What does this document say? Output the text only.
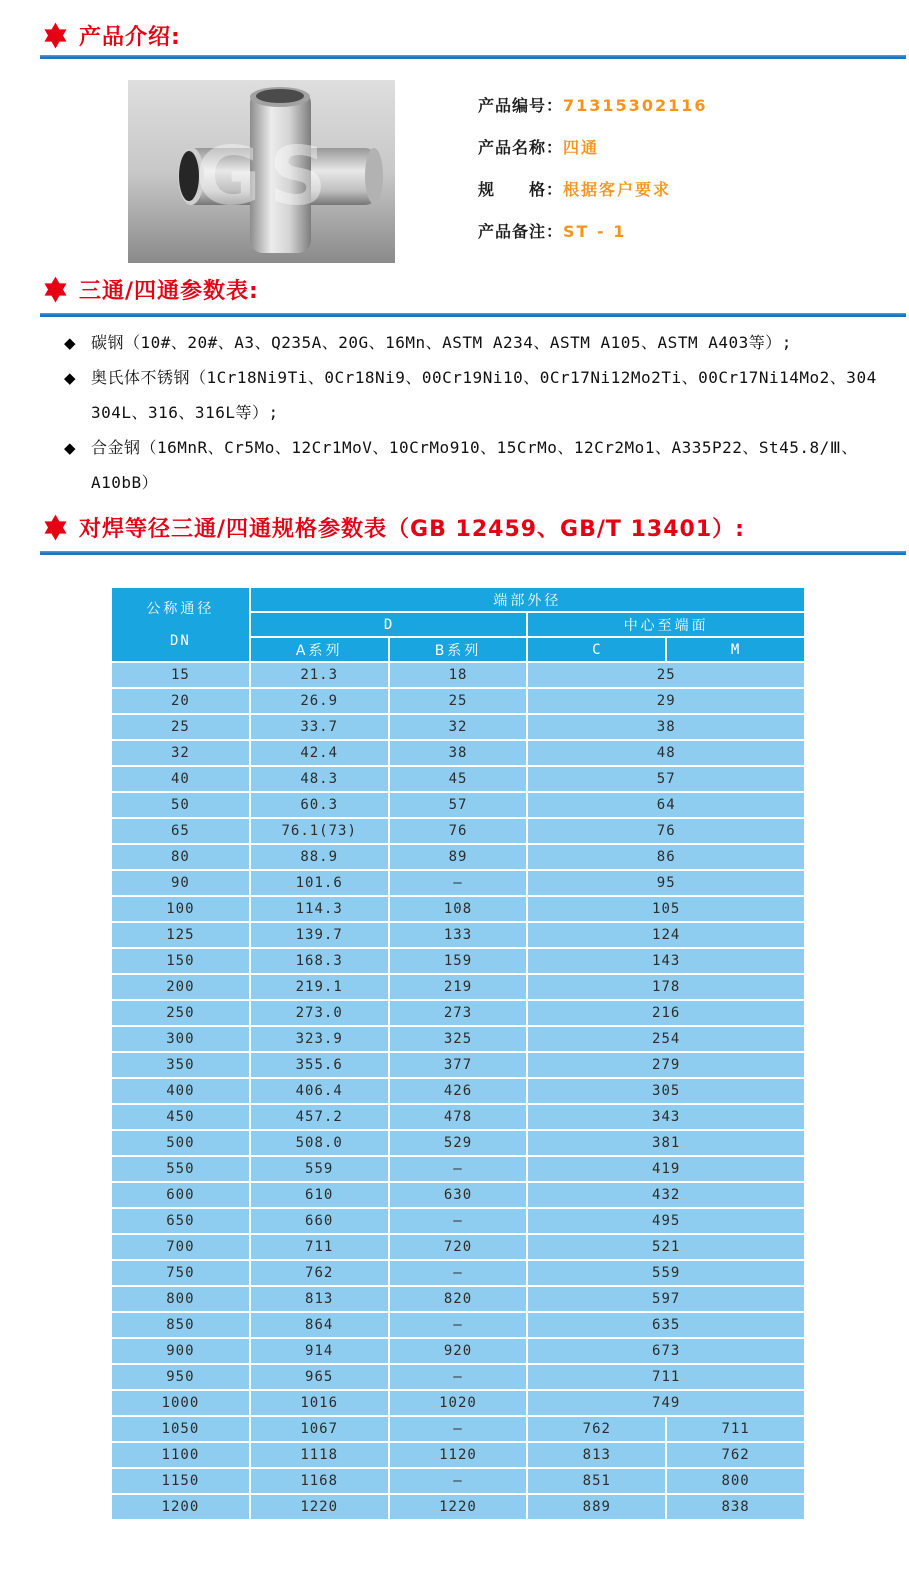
产品介绍:
GS
产品编号： 71315302116
产品名称： 四通
规　　格： 根据客户要求
产品备注： ST - 1
三通/四通参数表:
◆ 碳钢（10#、20#、A3、Q235A、20G、16Mn、ASTM A234、ASTM A105、ASTM A403等）;
◆ 奥氏体不锈钢（1Cr18Ni9Ti、0Cr18Ni9、00Cr19Ni10、0Cr17Ni12Mo2Ti、00Cr17Ni14Mo2、304
304L、316、316L等）;
◆ 合金钢（16MnR、Cr5Mo、12Cr1MoV、10CrMo910、15CrMo、12Cr2Mo1、A335P22、St45.8/Ⅲ、
A10bB）
对焊等径三通/四通规格参数表（GB 12459、GB/T 13401）:
公称通径
DN	端部外径			
	D		中心至端面	
	A系列	B系列	C	M
15	21.3	18	25	
20	26.9	25	29	
25	33.7	32	38	
32	42.4	38	48	
40	48.3	45	57	
50	60.3	57	64	
65	76.1(73)	76	76	
80	88.9	89	86	
90	101.6	—	95	
100	114.3	108	105	
125	139.7	133	124	
150	168.3	159	143	
200	219.1	219	178	
250	273.0	273	216	
300	323.9	325	254	
350	355.6	377	279	
400	406.4	426	305	
450	457.2	478	343	
500	508.0	529	381	
550	559	—	419	
600	610	630	432	
650	660	—	495	
700	711	720	521	
750	762	—	559	
800	813	820	597	
850	864	—	635	
900	914	920	673	
950	965	—	711	
1000	1016	1020	749	
1050	1067	—	762	711
1100	1118	1120	813	762
1150	1168	—	851	800
1200	1220	1220	889	838
